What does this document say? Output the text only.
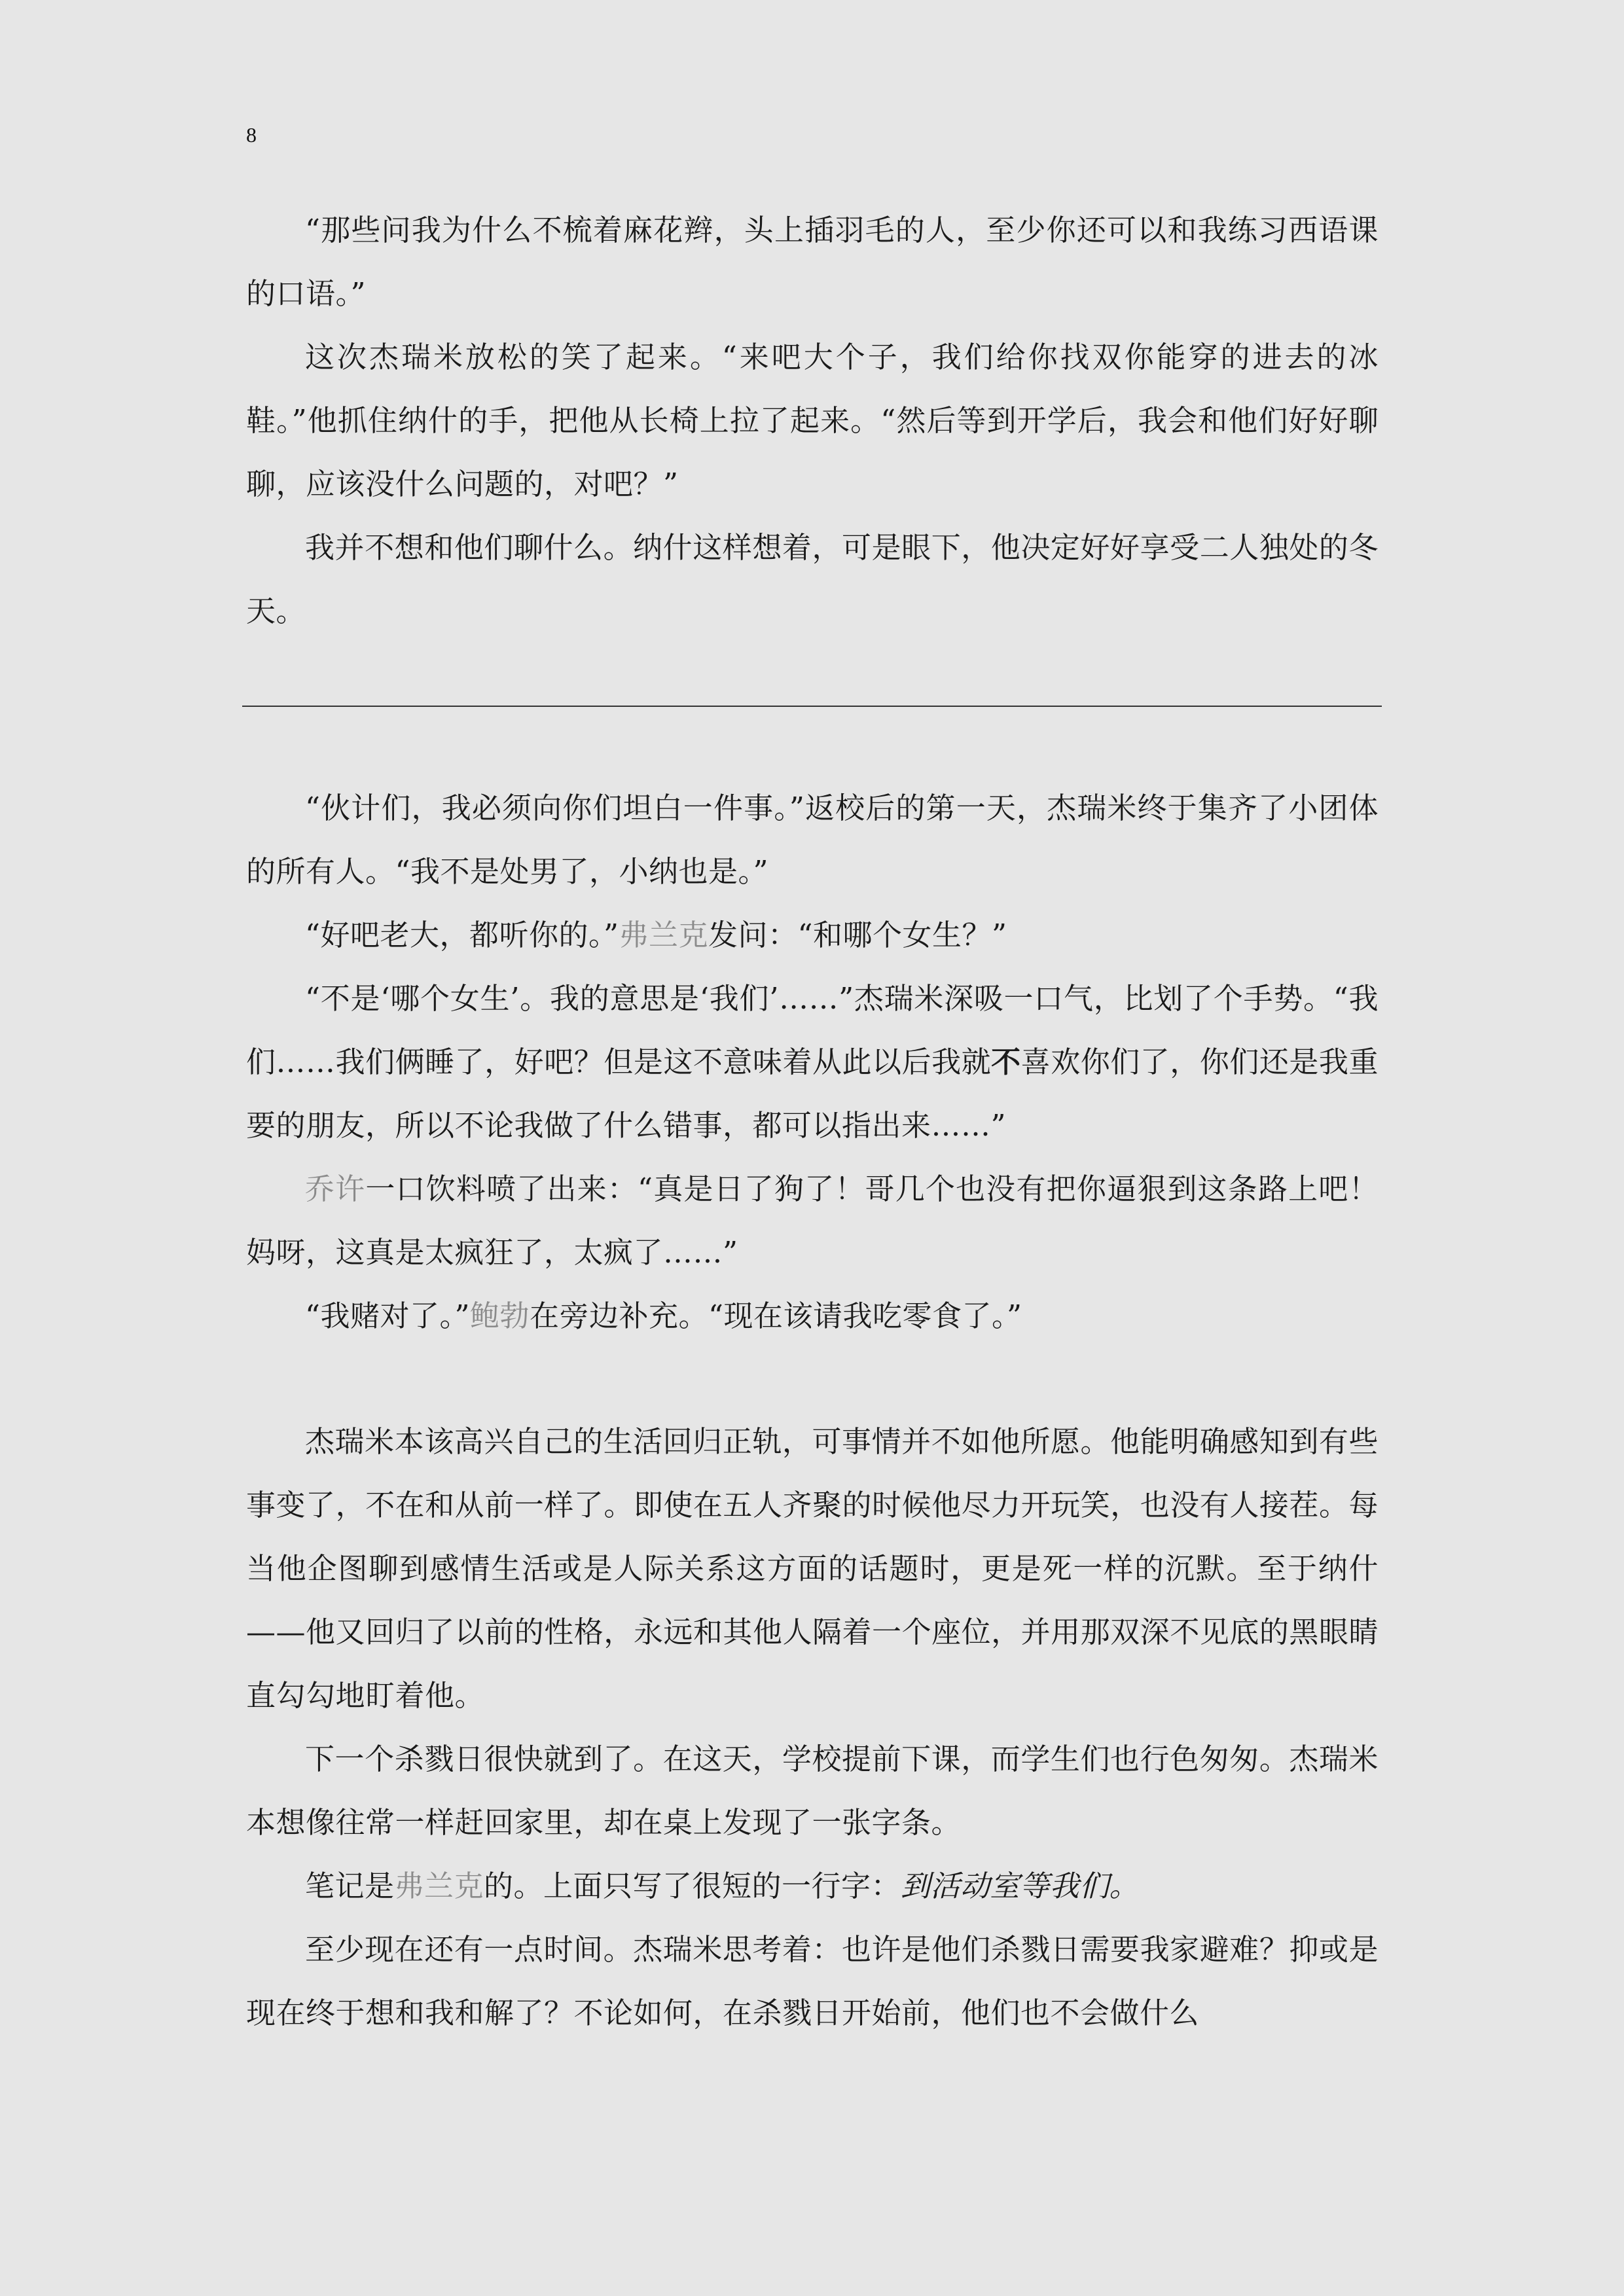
8

“那些问我为什么不梳着麻花辫，头上插羽毛的人，至少你还可以和我练习西语课的口语。”

这次杰瑞米放松的笑了起来。“来吧大个子，我们给你找双你能穿的进去的冰鞋。”他抓住纳什的手，把他从长椅上拉了起来。“然后等到开学后，我会和他们好好聊聊，应该没什么问题的，对吧？”

我并不想和他们聊什么。纳什这样想着，可是眼下，他决定好好享受二人独处的冬天。

“伙计们，我必须向你们坦白一件事。”返校后的第一天，杰瑞米终于集齐了小团体的所有人。“我不是处男了，小纳也是。”

“好吧老大，都听你的。”弗兰克发问：“和哪个女生？”

“不是‘哪个女生’。我的意思是‘我们’……”杰瑞米深吸一口气，比划了个手势。“我们……我们俩睡了，好吧？但是这不意味着从此以后我就不喜欢你们了，你们还是我重要的朋友，所以不论我做了什么错事，都可以指出来……”

乔许一口饮料喷了出来：“真是日了狗了！哥几个也没有把你逼狠到这条路上吧！妈呀，这真是太疯狂了，太疯了……”

“我赌对了。”鲍勃在旁边补充。“现在该请我吃零食了。”

杰瑞米本该高兴自己的生活回归正轨，可事情并不如他所愿。他能明确感知到有些事变了，不在和从前一样了。即使在五人齐聚的时候他尽力开玩笑，也没有人接茬。每当他企图聊到感情生活或是人际关系这方面的话题时，更是死一样的沉默。至于纳什——他又回归了以前的性格，永远和其他人隔着一个座位，并用那双深不见底的黑眼睛直勾勾地盯着他。

下一个杀戮日很快就到了。在这天，学校提前下课，而学生们也行色匆匆。杰瑞米本想像往常一样赶回家里，却在桌上发现了一张字条。

笔记是弗兰克的。上面只写了很短的一行字：到活动室等我们。

至少现在还有一点时间。杰瑞米思考着：也许是他们杀戮日需要我家避难？抑或是现在终于想和我和解了？不论如何，在杀戮日开始前，他们也不会做什么
